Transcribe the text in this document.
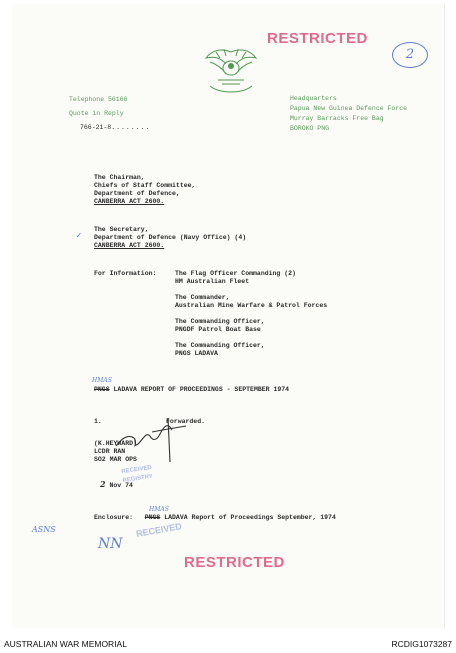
RESTRICTED
2
Telephone 56166
Quote in Reply
766-21-8........
Headquarters
Papua New Guinea Defence Force
Murray Barracks Free Bag
BOROKO PNG
The Chairman,
Chiefs of Staff Committee,
Department of Defence,
CANBERRA ACT 2600.
✓
The Secretary,
Department of Defence (Navy Office) (4)
CANBERRA ACT 2600.
For Information:	The Flag Officer Commanding (2)
HM Australian Fleet
The Commander,
Australian Mine Warfare & Patrol Forces
The Commanding Officer,
PNGDF Patrol Boat Base
The Commanding Officer,
PNGS LADAVA
HMAS
PNGS LADAVA REPORT OF PROCEEDINGS - SEPTEMBER 1974
1.	Forwarded.
(K.HEYWARD)
LCDR RAN
SO2 MAR OPS
RECEIVED
REGISTRY
RECEIVED
2 Nov 74
HMAS
Enclosure: PNGS LADAVA Report of Proceedings September, 1974
ASNS
NN
RESTRICTED
AUSTRALIAN WAR MEMORIAL	RCDIG1073287
